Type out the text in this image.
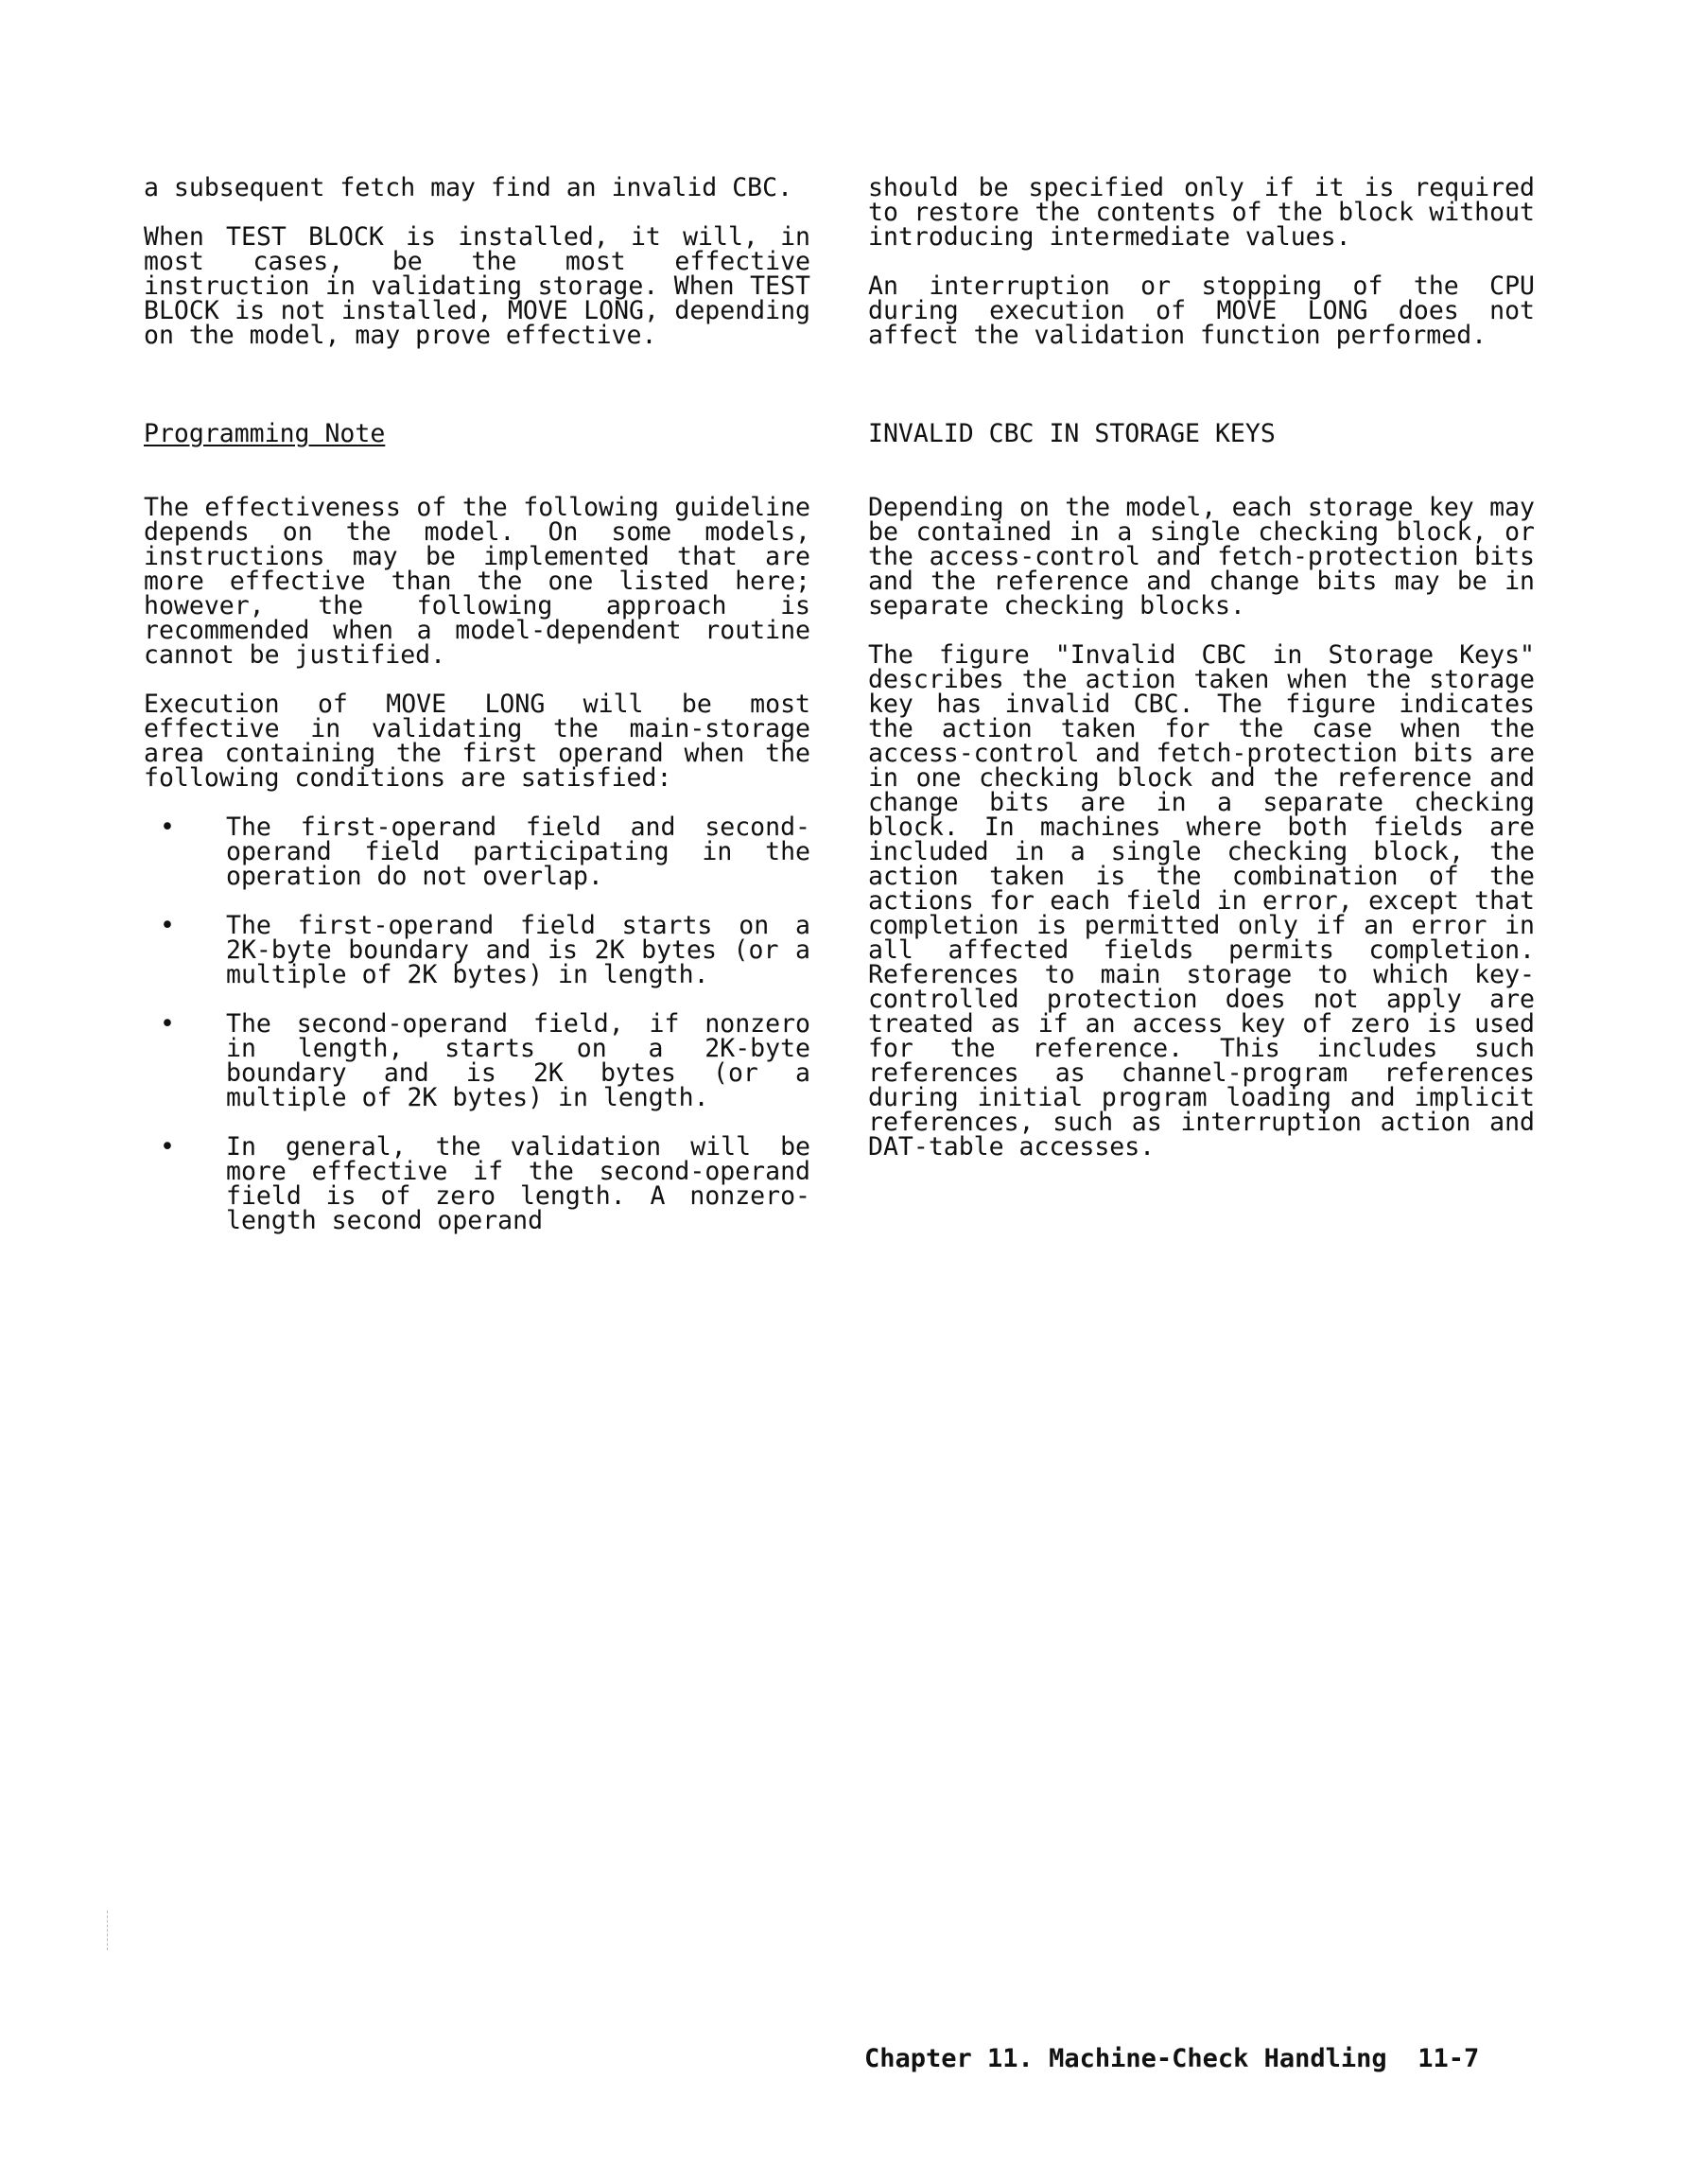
a subsequent fetch may find an invalid CBC.

When TEST BLOCK is installed, it will, in most cases, be the most effective instruction in validating storage. When TEST BLOCK is not installed, MOVE LONG, depending on the model, may prove effective.

Programming Note

The effectiveness of the following guideline depends on the model. On some models, instructions may be implemented that are more effective than the one listed here; however, the following approach is recommended when a model-dependent routine cannot be justified.

Execution of MOVE LONG will be most effective in validating the main-storage area containing the first operand when the following conditions are satisfied:

• The first-operand field and second-operand field participating in the operation do not overlap.
• The first-operand field starts on a 2K-byte boundary and is 2K bytes (or a multiple of 2K bytes) in length.
• The second-operand field, if nonzero in length, starts on a 2K-byte boundary and is 2K bytes (or a multiple of 2K bytes) in length.
• In general, the validation will be more effective if the second-operand field is of zero length. A nonzero-length second operand

should be specified only if it is required to restore the contents of the block without introducing intermediate values.

An interruption or stopping of the CPU during execution of MOVE LONG does not affect the validation function performed.

INVALID CBC IN STORAGE KEYS

Depending on the model, each storage key may be contained in a single checking block, or the access-control and fetch-protection bits and the reference and change bits may be in separate checking blocks.

The figure "Invalid CBC in Storage Keys" describes the action taken when the storage key has invalid CBC. The figure indicates the action taken for the case when the access-control and fetch-protection bits are in one checking block and the reference and change bits are in a separate checking block. In machines where both fields are included in a single checking block, the action taken is the combination of the actions for each field in error, except that completion is permitted only if an error in all affected fields permits completion. References to main storage to which key-controlled protection does not apply are treated as if an access key of zero is used for the reference. This includes such references as channel-program references during initial program loading and implicit references, such as interruption action and DAT-table accesses.

Chapter 11. Machine-Check Handling 11-7
